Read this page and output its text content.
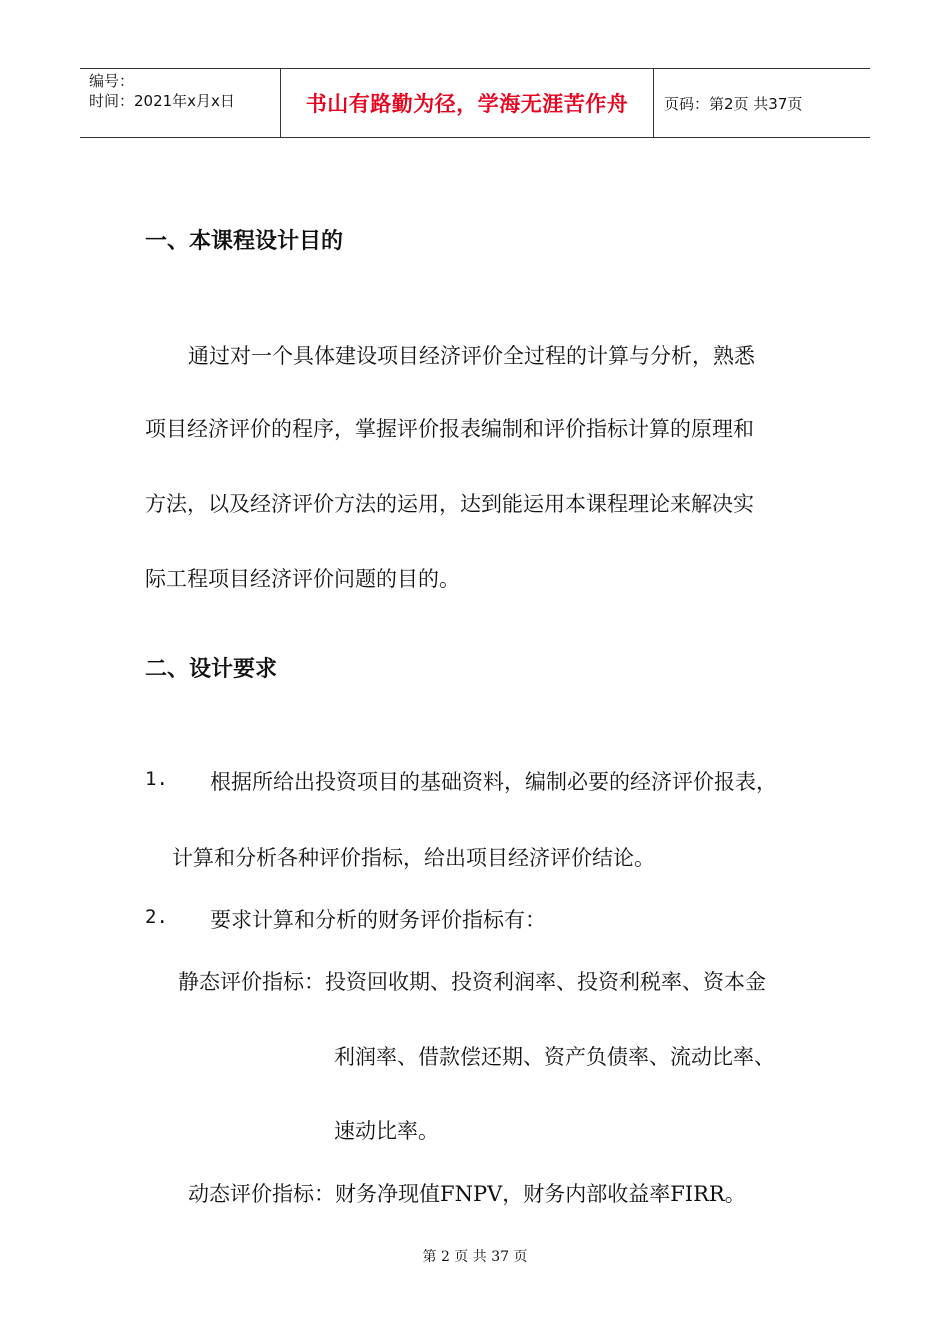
编号：
时间：2021年x月x日	书山有路勤为径，学海无涯苦作舟	页码：第2页 共37页
一、本课程设计目的
通过对一个具体建设项目经济评价全过程的计算与分析，熟悉
项目经济评价的程序，掌握评价报表编制和评价指标计算的原理和
方法，以及经济评价方法的运用，达到能运用本课程理论来解决实
际工程项目经济评价问题的目的。
二、设计要求
1. 根据所给出投资项目的基础资料，编制必要的经济评价报表，
计算和分析各种评价指标，给出项目经济评价结论。
2. 要求计算和分析的财务评价指标有：
静态评价指标：投资回收期、投资利润率、投资利税率、资本金
利润率、借款偿还期、资产负债率、流动比率、
速动比率。
动态评价指标：财务净现值FNPV，财务内部收益率FIRR。
第 2 页 共 37 页
